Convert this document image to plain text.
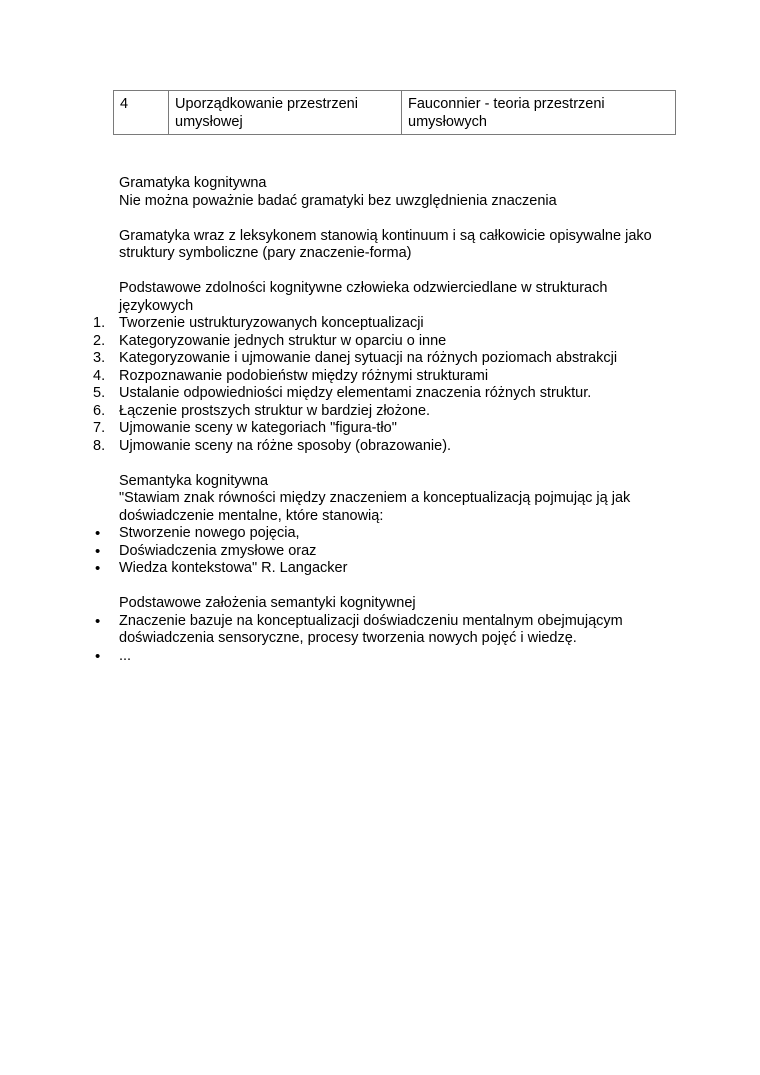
4	Uporządkowanie przestrzeni umysłowej	Fauconnier - teoria przestrzeni umysłowych

Gramatyka kognitywna

Nie można poważnie badać gramatyki bez uwzględnienia znaczenia

Gramatyka wraz z leksykonem stanowią kontinuum i są całkowicie opisywalne jako struktury symboliczne (pary znaczenie-forma)

Podstawowe zdolności kognitywne człowieka odzwierciedlane w strukturach językowych

1. Tworzenie ustrukturyzowanych konceptualizacji
2. Kategoryzowanie jednych struktur w oparciu o inne
3. Kategoryzowanie i ujmowanie danej sytuacji na różnych poziomach abstrakcji
4. Rozpoznawanie podobieństw między różnymi strukturami
5. Ustalanie odpowiedniości między elementami znaczenia różnych struktur.
6. Łączenie prostszych struktur w bardziej złożone.
7. Ujmowanie sceny w kategoriach "figura-tło"
8. Ujmowanie sceny na różne sposoby (obrazowanie).

Semantyka kognitywna

"Stawiam znak równości między znaczeniem a konceptualizacją pojmując ją jak doświadczenie mentalne, które stanowią:

• Stworzenie nowego pojęcia,
• Doświadczenia zmysłowe oraz
• Wiedza kontekstowa" R. Langacker

Podstawowe założenia semantyki kognitywnej

• Znaczenie bazuje na konceptualizacji doświadczeniu mentalnym obejmującym doświadczenia sensoryczne, procesy tworzenia nowych pojęć i wiedzę.
• ...
